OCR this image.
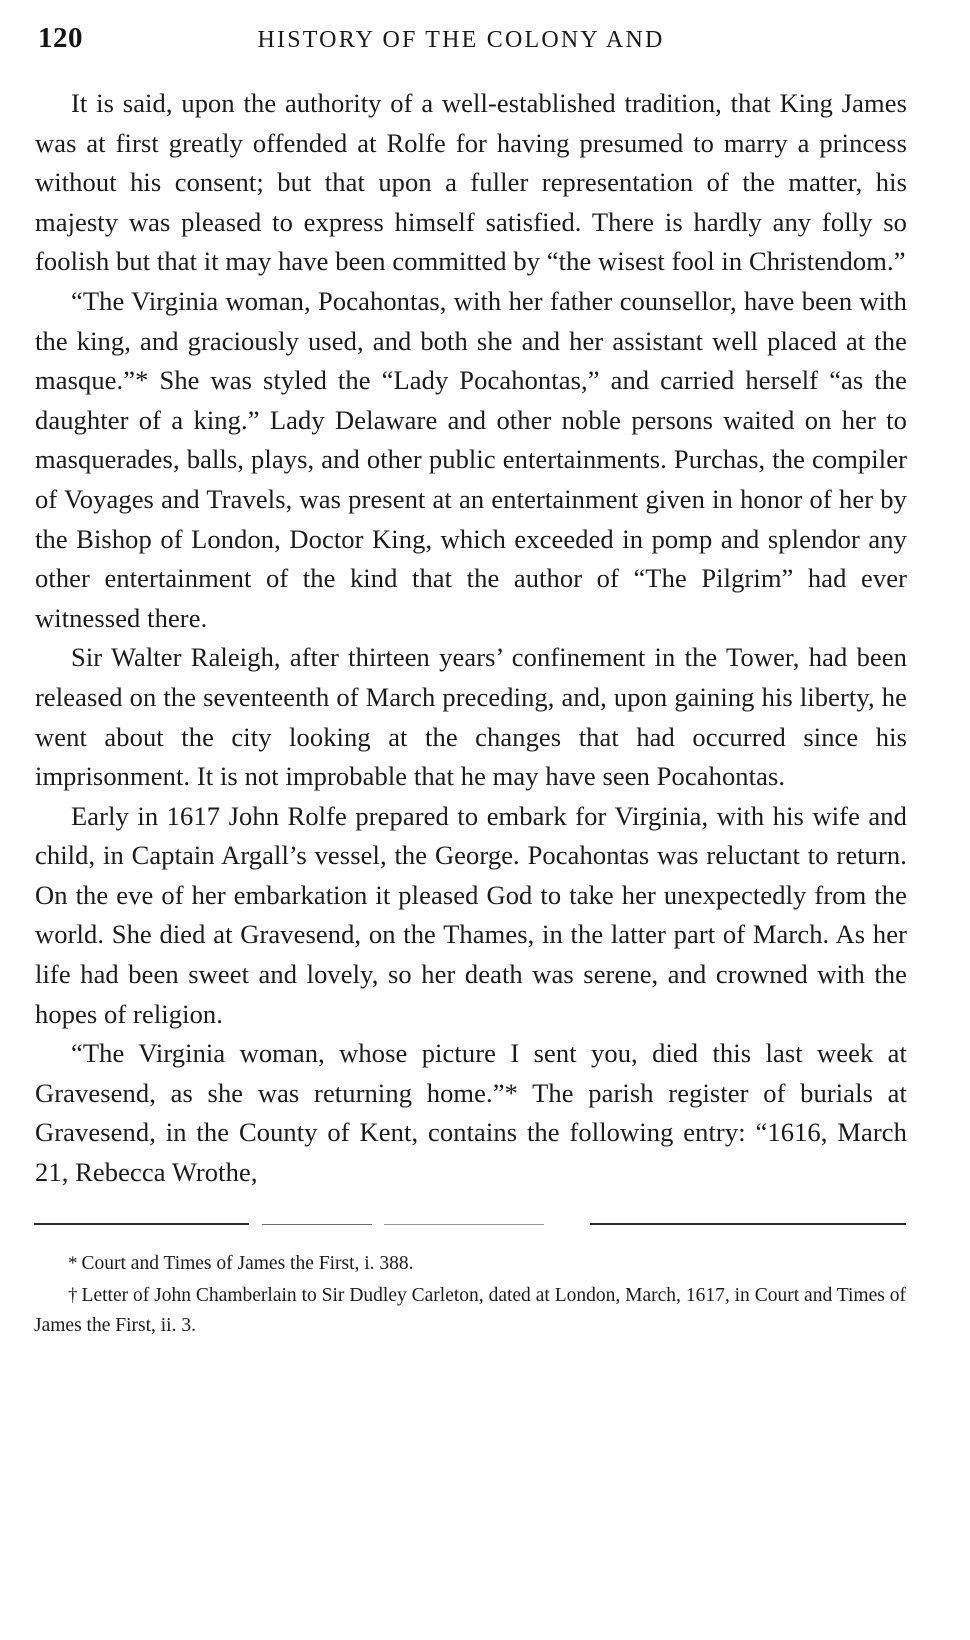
120	HISTORY OF THE COLONY AND

It is said, upon the authority of a well-established tradition, that King James was at first greatly offended at Rolfe for having presumed to marry a princess without his consent; but that upon a fuller representation of the matter, his majesty was pleased to express himself satisfied. There is hardly any folly so foolish but that it may have been committed by “the wisest fool in Christendom.”

“The Virginia woman, Pocahontas, with her father counsellor, have been with the king, and graciously used, and both she and her assistant well placed at the masque.”* She was styled the “Lady Pocahontas,” and carried herself “as the daughter of a king.” Lady Delaware and other noble persons waited on her to masquerades, balls, plays, and other public entertainments. Purchas, the compiler of Voyages and Travels, was present at an entertainment given in honor of her by the Bishop of London, Doctor King, which exceeded in pomp and splendor any other entertainment of the kind that the author of “The Pilgrim” had ever witnessed there.

Sir Walter Raleigh, after thirteen years’ confinement in the Tower, had been released on the seventeenth of March preceding, and, upon gaining his liberty, he went about the city looking at the changes that had occurred since his imprisonment. It is not improbable that he may have seen Pocahontas.

Early in 1617 John Rolfe prepared to embark for Virginia, with his wife and child, in Captain Argall’s vessel, the George. Pocahontas was reluctant to return. On the eve of her embarkation it pleased God to take her unexpectedly from the world. She died at Gravesend, on the Thames, in the latter part of March. As her life had been sweet and lovely, so her death was serene, and crowned with the hopes of religion.

“The Virginia woman, whose picture I sent you, died this last week at Gravesend, as she was returning home.”* The parish register of burials at Gravesend, in the County of Kent, contains the following entry: “1616, March 21, Rebecca Wrothe,

* Court and Times of James the First, i. 388.

† Letter of John Chamberlain to Sir Dudley Carleton, dated at London, March, 1617, in Court and Times of James the First, ii. 3.
